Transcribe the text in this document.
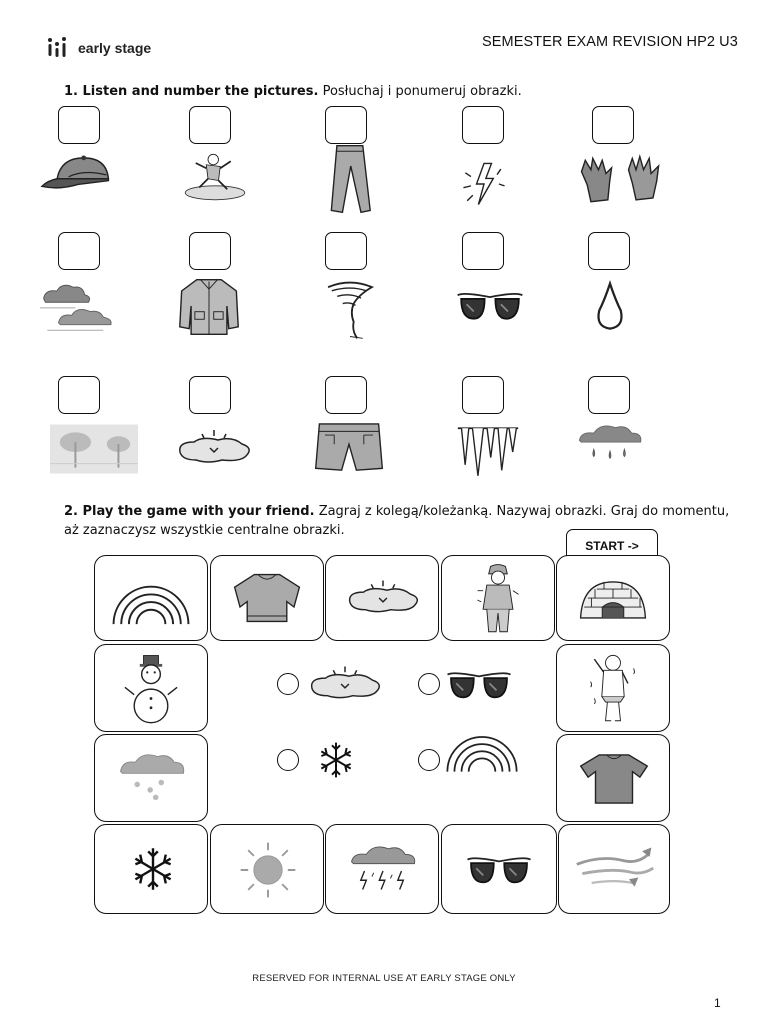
early stage	SEMESTER EXAM REVISION HP2 U3
1. Listen and number the pictures. Posłuchaj i ponumeruj obrazki.
2. Play the game with your friend. Zagraj z kolegą/koleżanką. Nazywaj obrazki. Graj do momentu, aż zaznaczysz wszystkie centralne obrazki.
START ->
RESERVED FOR INTERNAL USE AT EARLY STAGE ONLY
1
